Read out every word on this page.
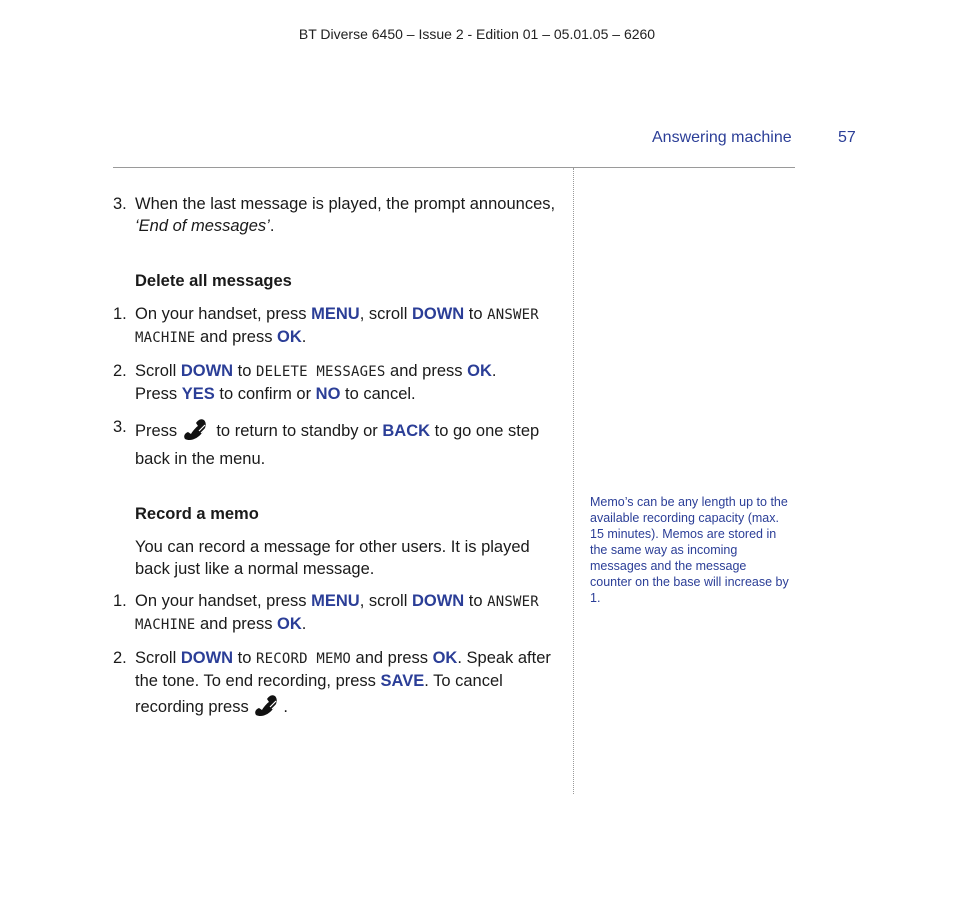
BT Diverse 6450 – Issue 2 - Edition 01 – 05.01.05 – 6260
Answering machine	57
3. When the last message is played, the prompt announces, ‘End of messages’.
Delete all messages
1. On your handset, press MENU, scroll DOWN to ANSWER MACHINE and press OK.
2. Scroll DOWN to DELETE MESSAGES and press OK.
Press YES to confirm or NO to cancel.
3. Press  to return to standby or BACK to go one step back in the menu.
Record a memo
You can record a message for other users. It is played back just like a normal message.
1. On your handset, press MENU, scroll DOWN to ANSWER MACHINE and press OK.
2. Scroll DOWN to RECORD MEMO and press OK. Speak after the tone. To end recording, press SAVE. To cancel recording press .
Memo’s can be any length up to the available recording capacity (max. 15 minutes). Memos are stored in the same way as incoming messages and the message counter on the base will increase by 1.
